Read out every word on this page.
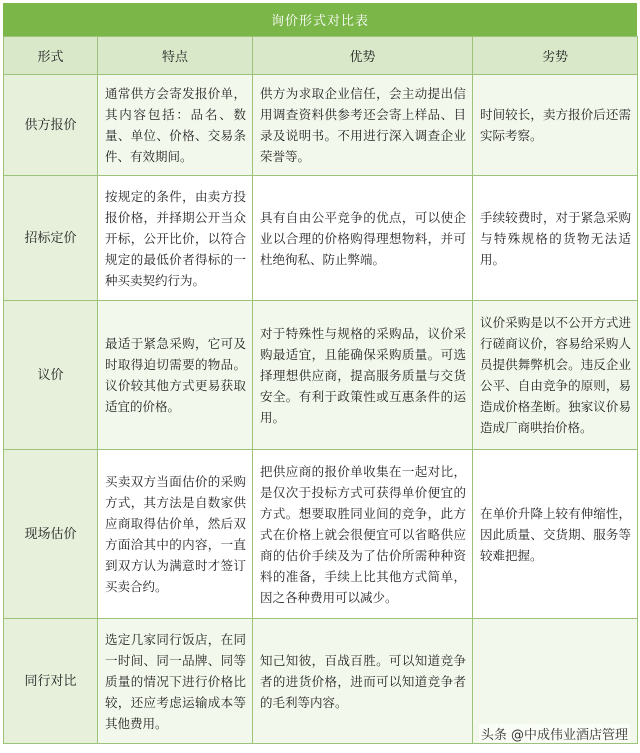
询价形式对比表
形式	特点	优势	劣势
供方报价	通常供方会寄发报价单，其内容包括：品名、数量、单位、价格、交易条件、有效期间。	供方为求取企业信任，会主动提出信用调查资料供参考还会寄上样品、目录及说明书。不用进行深入调查企业荣誉等。	时间较长，卖方报价后还需实际考察。
招标定价	按规定的条件，由卖方投报价格，并择期公开当众开标，公开比价，以符合规定的最低价者得标的一种买卖契约行为。	具有自由公平竞争的优点，可以使企业以合理的价格购得理想物料，并可杜绝徇私、防止弊端。	手续较费时，对于紧急采购与特殊规格的货物无法适用。
议价	最适于紧急采购，它可及时取得迫切需要的物品。议价较其他方式更易获取适宜的价格。	对于特殊性与规格的采购品，议价采购最适宜，且能确保采购质量。可选择理想供应商，提高服务质量与交货安全。有利于政策性或互惠条件的运用。	议价采购是以不公开方式进行磋商议价，容易给采购人员提供舞弊机会。违反企业公平、自由竞争的原则，易造成价格垄断。独家议价易造成厂商哄抬价格。
现场估价	买卖双方当面估价的采购方式，其方法是自数家供应商取得估价单，然后双方面洽其中的内容，一直到双方认为满意时才签订买卖合约。	把供应商的报价单收集在一起对比，是仅次于投标方式可获得单价便宜的方式。想要取胜同业间的竞争，此方式在价格上就会很便宜可以省略供应商的估价手续及为了估价所需种种资料的准备，手续上比其他方式简单，因之各种费用可以减少。	在单价升降上较有伸缩性，因此质量、交货期、服务等较难把握。
同行对比	选定几家同行饭店，在同一时间、同一品牌、同等质量的情况下进行价格比较，还应考虑运输成本等其他费用。	知己知彼，百战百胜。可以知道竞争者的进货价格，进而可以知道竞争者的毛利等内容。	
头条 @中成伟业酒店管理
